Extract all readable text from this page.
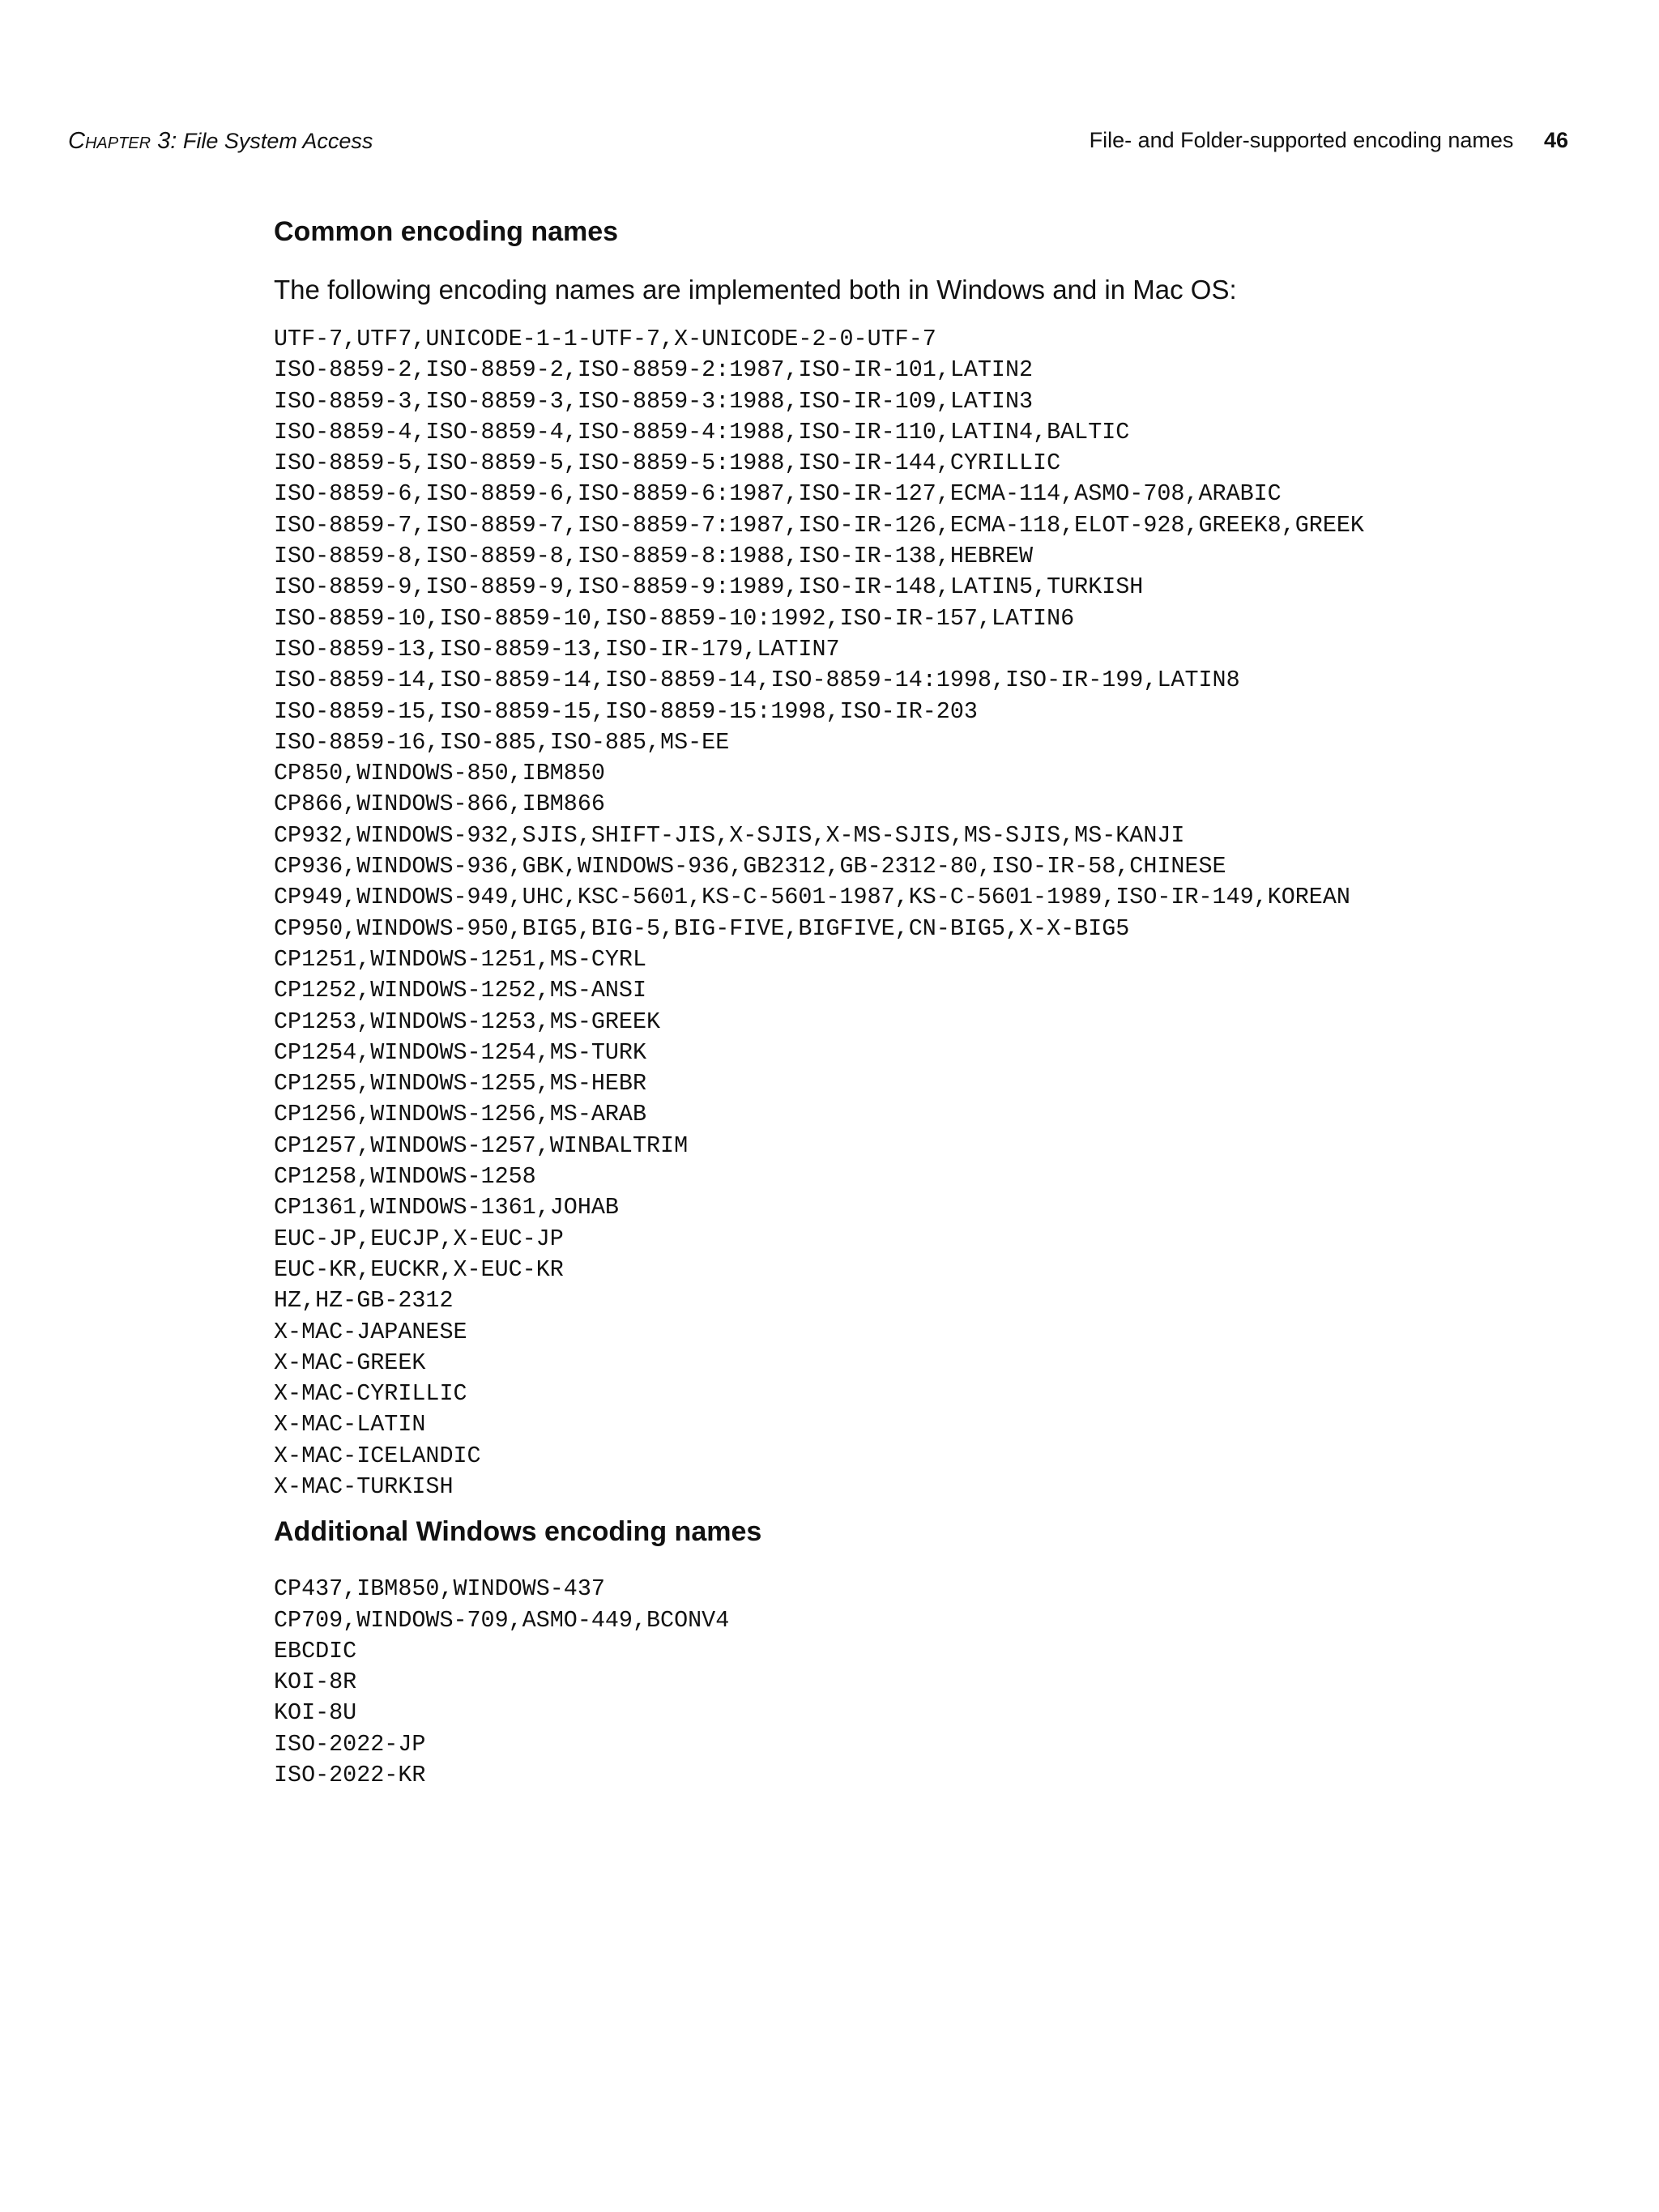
Chapter 3: File System Access	File- and Folder-supported encoding names 46
Common encoding names

The following encoding names are implemented both in Windows and in Mac OS:

UTF-7,UTF7,UNICODE-1-1-UTF-7,X-UNICODE-2-0-UTF-7
ISO-8859-2,ISO-8859-2,ISO-8859-2:1987,ISO-IR-101,LATIN2
ISO-8859-3,ISO-8859-3,ISO-8859-3:1988,ISO-IR-109,LATIN3
ISO-8859-4,ISO-8859-4,ISO-8859-4:1988,ISO-IR-110,LATIN4,BALTIC
ISO-8859-5,ISO-8859-5,ISO-8859-5:1988,ISO-IR-144,CYRILLIC
ISO-8859-6,ISO-8859-6,ISO-8859-6:1987,ISO-IR-127,ECMA-114,ASMO-708,ARABIC
ISO-8859-7,ISO-8859-7,ISO-8859-7:1987,ISO-IR-126,ECMA-118,ELOT-928,GREEK8,GREEK
ISO-8859-8,ISO-8859-8,ISO-8859-8:1988,ISO-IR-138,HEBREW
ISO-8859-9,ISO-8859-9,ISO-8859-9:1989,ISO-IR-148,LATIN5,TURKISH
ISO-8859-10,ISO-8859-10,ISO-8859-10:1992,ISO-IR-157,LATIN6
ISO-8859-13,ISO-8859-13,ISO-IR-179,LATIN7
ISO-8859-14,ISO-8859-14,ISO-8859-14,ISO-8859-14:1998,ISO-IR-199,LATIN8
ISO-8859-15,ISO-8859-15,ISO-8859-15:1998,ISO-IR-203
ISO-8859-16,ISO-885,ISO-885,MS-EE
CP850,WINDOWS-850,IBM850
CP866,WINDOWS-866,IBM866
CP932,WINDOWS-932,SJIS,SHIFT-JIS,X-SJIS,X-MS-SJIS,MS-SJIS,MS-KANJI
CP936,WINDOWS-936,GBK,WINDOWS-936,GB2312,GB-2312-80,ISO-IR-58,CHINESE
CP949,WINDOWS-949,UHC,KSC-5601,KS-C-5601-1987,KS-C-5601-1989,ISO-IR-149,KOREAN
CP950,WINDOWS-950,BIG5,BIG-5,BIG-FIVE,BIGFIVE,CN-BIG5,X-X-BIG5
CP1251,WINDOWS-1251,MS-CYRL
CP1252,WINDOWS-1252,MS-ANSI
CP1253,WINDOWS-1253,MS-GREEK
CP1254,WINDOWS-1254,MS-TURK
CP1255,WINDOWS-1255,MS-HEBR
CP1256,WINDOWS-1256,MS-ARAB
CP1257,WINDOWS-1257,WINBALTRIM
CP1258,WINDOWS-1258
CP1361,WINDOWS-1361,JOHAB
EUC-JP,EUCJP,X-EUC-JP
EUC-KR,EUCKR,X-EUC-KR
HZ,HZ-GB-2312
X-MAC-JAPANESE
X-MAC-GREEK
X-MAC-CYRILLIC
X-MAC-LATIN
X-MAC-ICELANDIC
X-MAC-TURKISH
Additional Windows encoding names
CP437,IBM850,WINDOWS-437
CP709,WINDOWS-709,ASMO-449,BCONV4
EBCDIC
KOI-8R
KOI-8U
ISO-2022-JP
ISO-2022-KR
